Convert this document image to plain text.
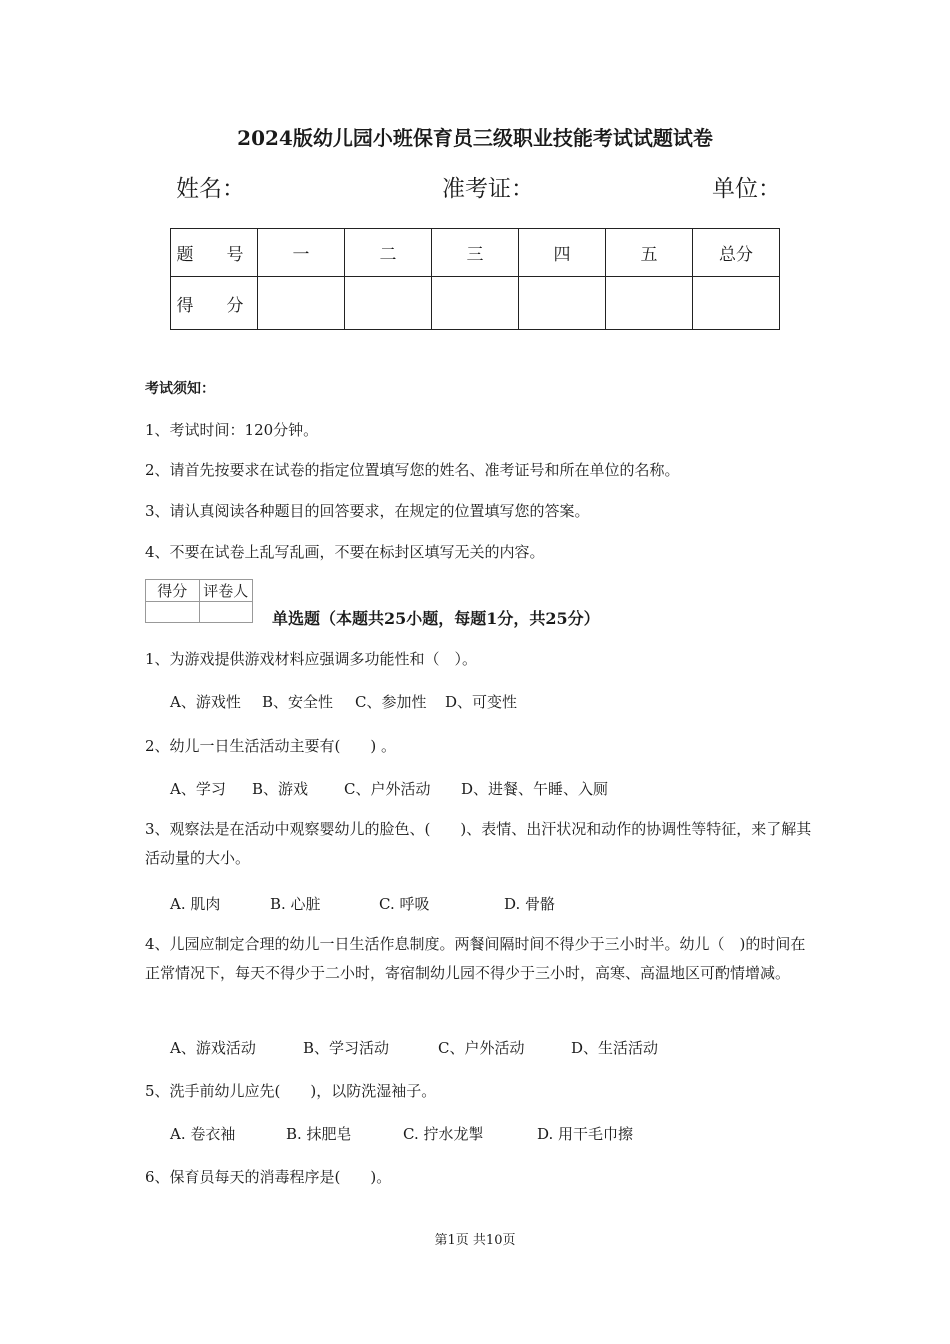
2024版幼儿园小班保育员三级职业技能考试试题试卷
姓名：	准考证：	单位：
题　号	一	二	三	四	五	总分
得　分						
考试须知：
1、考试时间：120分钟。
2、请首先按要求在试卷的指定位置填写您的姓名、准考证号和所在单位的名称。
3、请认真阅读各种题目的回答要求，在规定的位置填写您的答案。
4、不要在试卷上乱写乱画，不要在标封区填写无关的内容。
得分	评卷人

单选题（本题共25小题，每题1分，共25分）
1、为游戏提供游戏材料应强调多功能性和（　）。
A、游戏性 B、安全性 C、参加性 D、可变性
2、幼儿一日生活活动主要有(　　) 。
A、学习 B、游戏 C、户外活动 D、进餐、午睡、入厕
3、观察法是在活动中观察婴幼儿的脸色、(　　)、表情、出汗状况和动作的协调性等特征，来了解其活动量的大小。
A. 肌肉	B. 心脏	C. 呼吸	D. 骨骼
4、儿园应制定合理的幼儿一日生活作息制度。两餐间隔时间不得少于三小时半。幼儿（　)的时间在正常情况下，每天不得少于二小时，寄宿制幼儿园不得少于三小时，高寒、高温地区可酌情增减。
A、游戏活动	B、学习活动	C、户外活动	D、生活活动
5、洗手前幼儿应先(　　)，以防洗湿袖子。
A. 卷衣袖	B. 抹肥皂	C. 拧水龙掣	D. 用干毛巾擦
6、保育员每天的消毒程序是(　　)。
第1页 共10页
